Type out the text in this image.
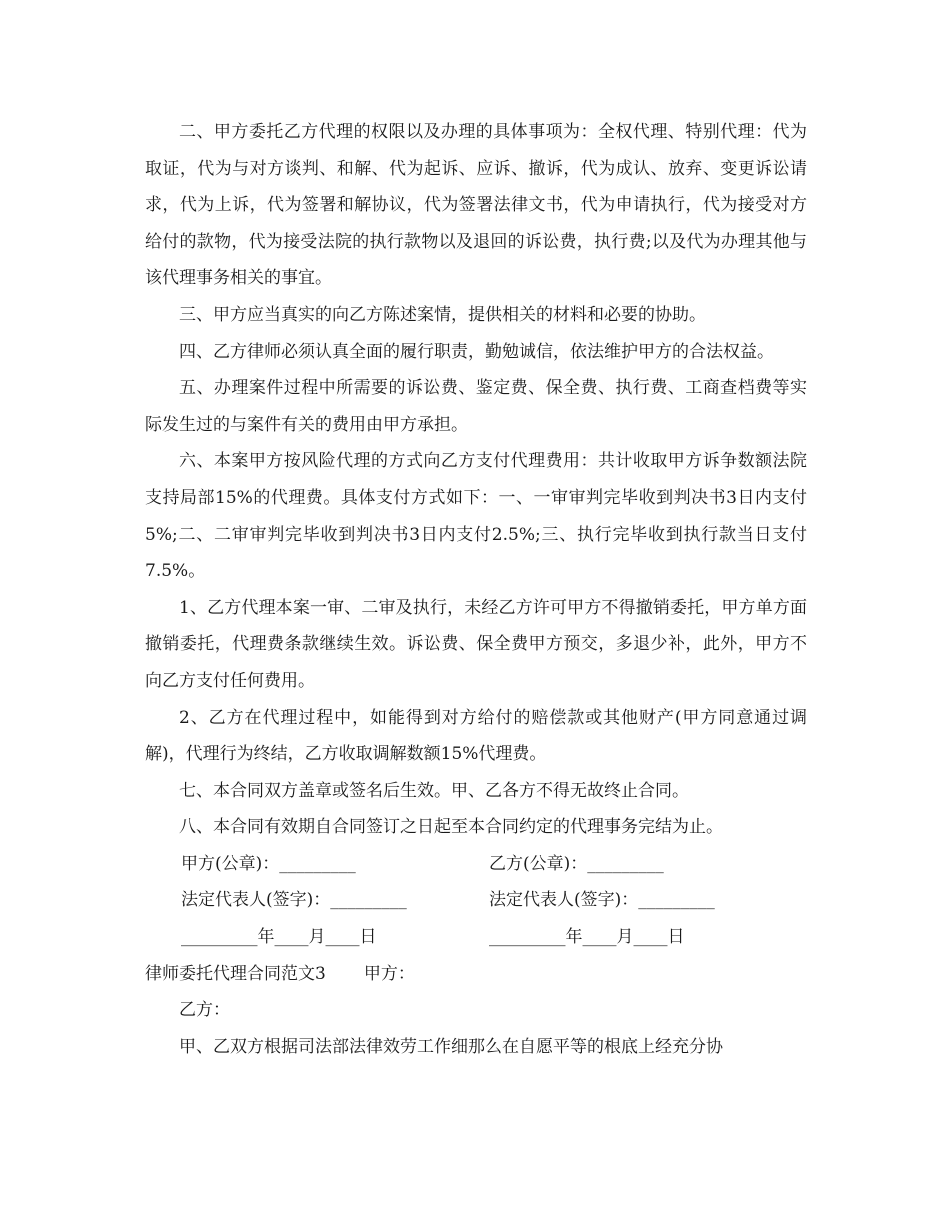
二、甲方委托乙方代理的权限以及办理的具体事项为：全权代理、特别代理：代为取证，代为与对方谈判、和解、代为起诉、应诉、撤诉，代为成认、放弃、变更诉讼请求，代为上诉，代为签署和解协议，代为签署法律文书，代为申请执行，代为接受对方给付的款物，代为接受法院的执行款物以及退回的诉讼费，执行费;以及代为办理其他与该代理事务相关的事宜。

三、甲方应当真实的向乙方陈述案情，提供相关的材料和必要的协助。

四、乙方律师必须认真全面的履行职责，勤勉诚信，依法维护甲方的合法权益。

五、办理案件过程中所需要的诉讼费、鉴定费、保全费、执行费、工商查档费等实际发生过的与案件有关的费用由甲方承担。

六、本案甲方按风险代理的方式向乙方支付代理费用：共计收取甲方诉争数额法院支持局部15%的代理费。具体支付方式如下：一、一审审判完毕收到判决书3日内支付5%;二、二审审判完毕收到判决书3日内支付2.5%;三、执行完毕收到执行款当日支付7.5%。

1、乙方代理本案一审、二审及执行，未经乙方许可甲方不得撤销委托，甲方单方面撤销委托，代理费条款继续生效。诉讼费、保全费甲方预交，多退少补，此外，甲方不向乙方支付任何费用。

2、乙方在代理过程中，如能得到对方给付的赔偿款或其他财产(甲方同意通过调解)，代理行为终结，乙方收取调解数额15%代理费。

七、本合同双方盖章或签名后生效。甲、乙各方不得无故终止合同。

八、本合同有效期自合同签订之日起至本合同约定的代理事务完结为止。

甲方(公章)：_________	乙方(公章)：_________
法定代表人(签字)：_________	法定代表人(签字)：_________
_________年____月____日	_________年____月____日
律师委托代理合同范文3 甲方：

乙方：

甲、乙双方根据司法部法律效劳工作细那么在自愿平等的根底上经充分协
